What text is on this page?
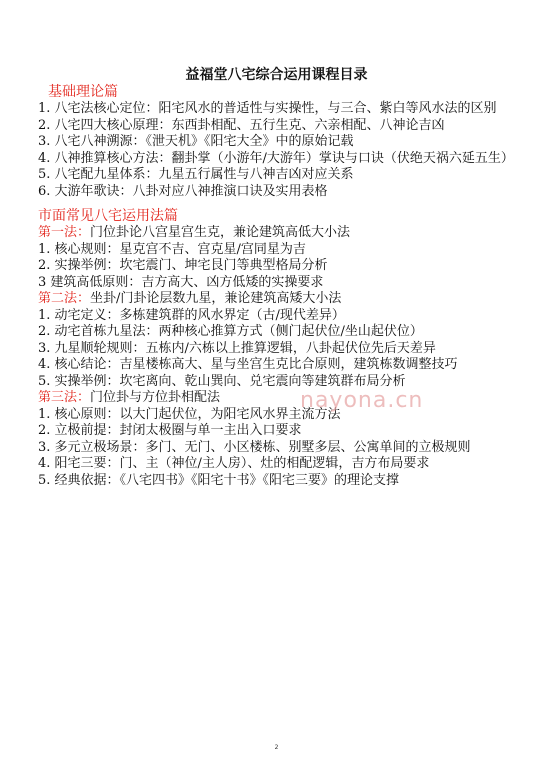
益福堂八宅综合运用课程目录
基础理论篇
1. 八宅法核心定位：阳宅风水的普适性与实操性，与三合、紫白等风水法的区别
2. 八宅四大核心原理：东西卦相配、五行生克、六亲相配、八神论吉凶
3. 八宅八神溯源：《泄天机》《阳宅大全》中的原始记载
4. 八神推算核心方法：翻卦掌（小游年/大游年）掌诀与口诀（伏绝天祸六延五生）
5. 八宅配九星体系：九星五行属性与八神吉凶对应关系
6. 大游年歌诀：八卦对应八神推演口诀及实用表格
市面常见八宅运用法篇
第一法：门位卦论八宫星宫生克，兼论建筑高低大小法
1. 核心规则：星克宫不吉、宫克星/宫同星为吉
2. 实操举例：坎宅震门、坤宅艮门等典型格局分析
3 建筑高低原则：吉方高大、凶方低矮的实操要求
第二法：坐卦/门卦论层数九星，兼论建筑高矮大小法
1. 动宅定义：多栋建筑群的风水界定（古/现代差异）
2. 动宅首栋九星法：两种核心推算方式（侧门起伏位/坐山起伏位）
3. 九星顺轮规则：五栋内/六栋以上推算逻辑，八卦起伏位先后天差异
4. 核心结论：吉星楼栋高大、星与坐宫生克比合原则，建筑栋数调整技巧
5. 实操举例：坎宅离向、乾山巽向、兑宅震向等建筑群布局分析
第三法：门位卦与方位卦相配法
1. 核心原则：以大门起伏位，为阳宅风水界主流方法
2. 立极前提：封闭太极圈与单一主出入口要求
3. 多元立极场景：多门、无门、小区楼栋、别墅多层、公寓单间的立极规则
4. 阳宅三要：门、主（神位/主人房）、灶的相配逻辑，吉方布局要求
5. 经典依据：《八宅四书》《阳宅十书》《阳宅三要》的理论支撑
nayona.cn
2
